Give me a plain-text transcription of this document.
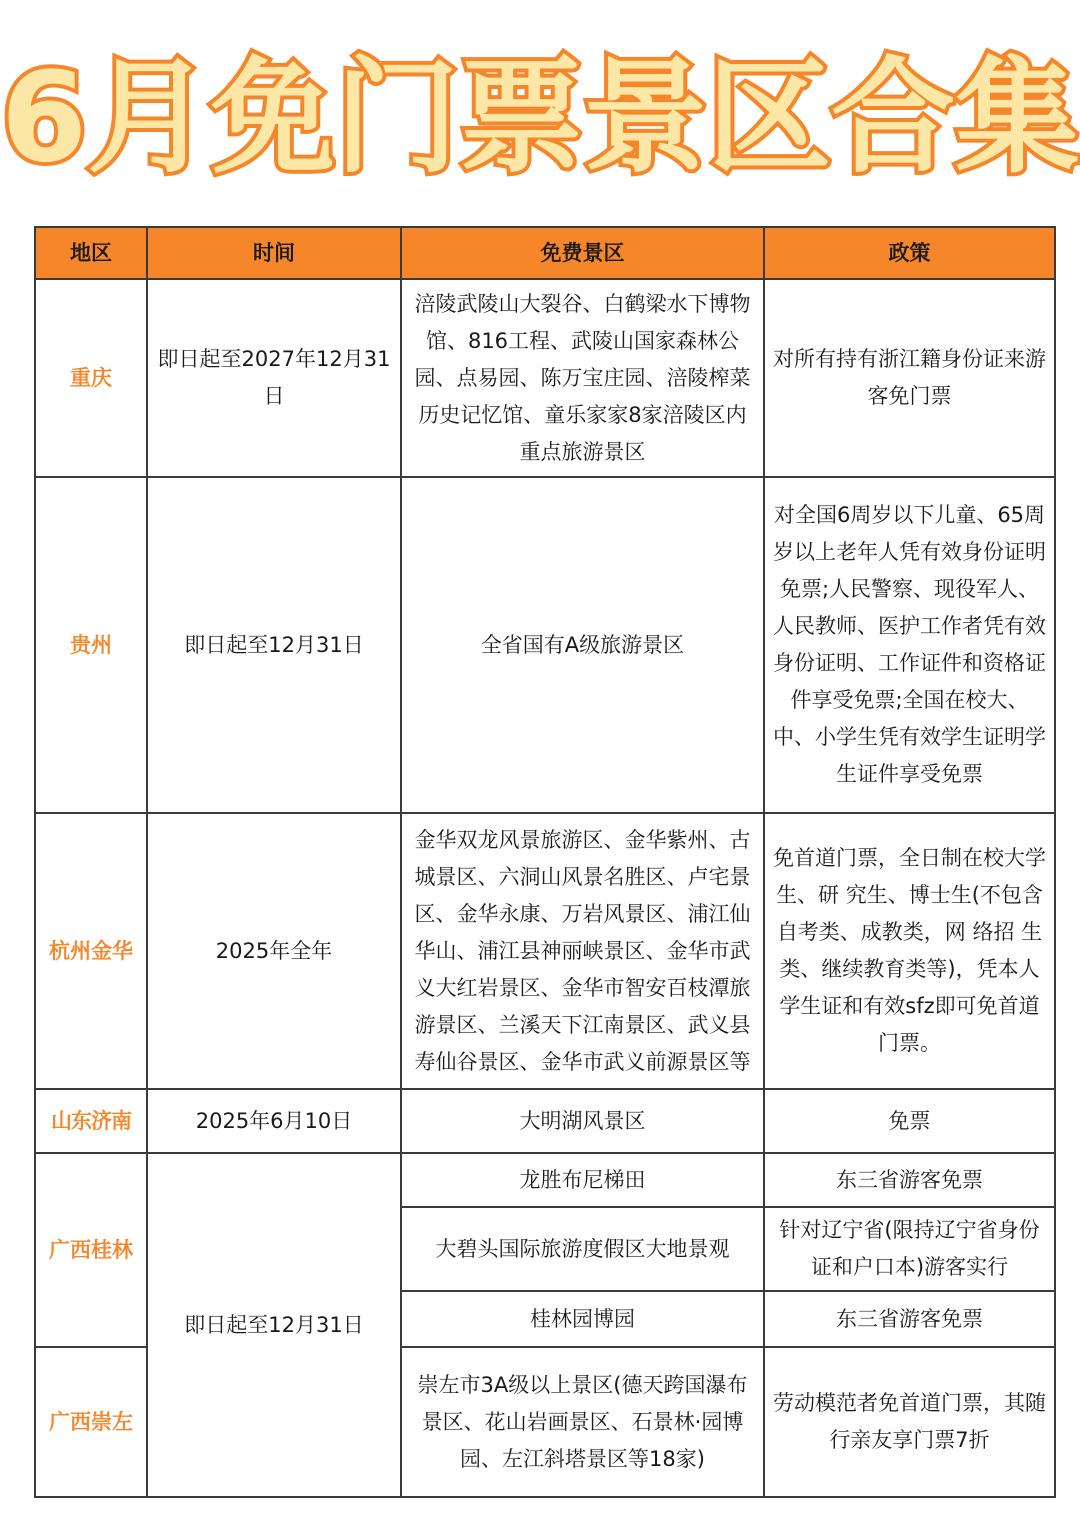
6月免门票景区合集
地区	时间	免费景区	政策
重庆	即日起至2027年12月31日	涪陵武陵山大裂谷、白鹤梁水下博物馆、816工程、武陵山国家森林公园、点易园、陈万宝庄园、涪陵榨菜历史记忆馆、童乐家家8家涪陵区内重点旅游景区	对所有持有浙江籍身份证来游客免门票
贵州	即日起至12月31日	全省国有A级旅游景区	对全国6周岁以下儿童、65周岁以上老年人凭有效身份证明免票;人民警察、现役军人、人民教师、医护工作者凭有效身份证明、工作证件和资格证件享受免票;全国在校大、中、小学生凭有效学生证明学生证件享受免票
杭州金华	2025年全年	金华双龙风景旅游区、金华紫州、古城景区、六洞山风景名胜区、卢宅景区、金华永康、万岩风景区、浦江仙华山、浦江县神丽峡景区、金华市武义大红岩景区、金华市智安百枝潭旅游景区、兰溪天下江南景区、武义县寿仙谷景区、金华市武义前源景区等	免首道门票，全日制在校大学 生、研 究生、博士生(不包含自考类、成教类，网 络招 生 类、继续教育类等)，凭本人学生证和有效sfz即可免首道门票。
山东济南	2025年6月10日	大明湖风景区	免票
广西桂林	即日起至12月31日	龙胜布尼梯田	东三省游客免票
		大碧头国际旅游度假区大地景观	针对辽宁省(限持辽宁省身份证和户口本)游客实行
		桂林园博园	东三省游客免票
广西崇左		崇左市3A级以上景区(德天跨国瀑布景区、花山岩画景区、石景林·园博园、左江斜塔景区等18家)	劳动模范者免首道门票，其随行亲友享门票7折
